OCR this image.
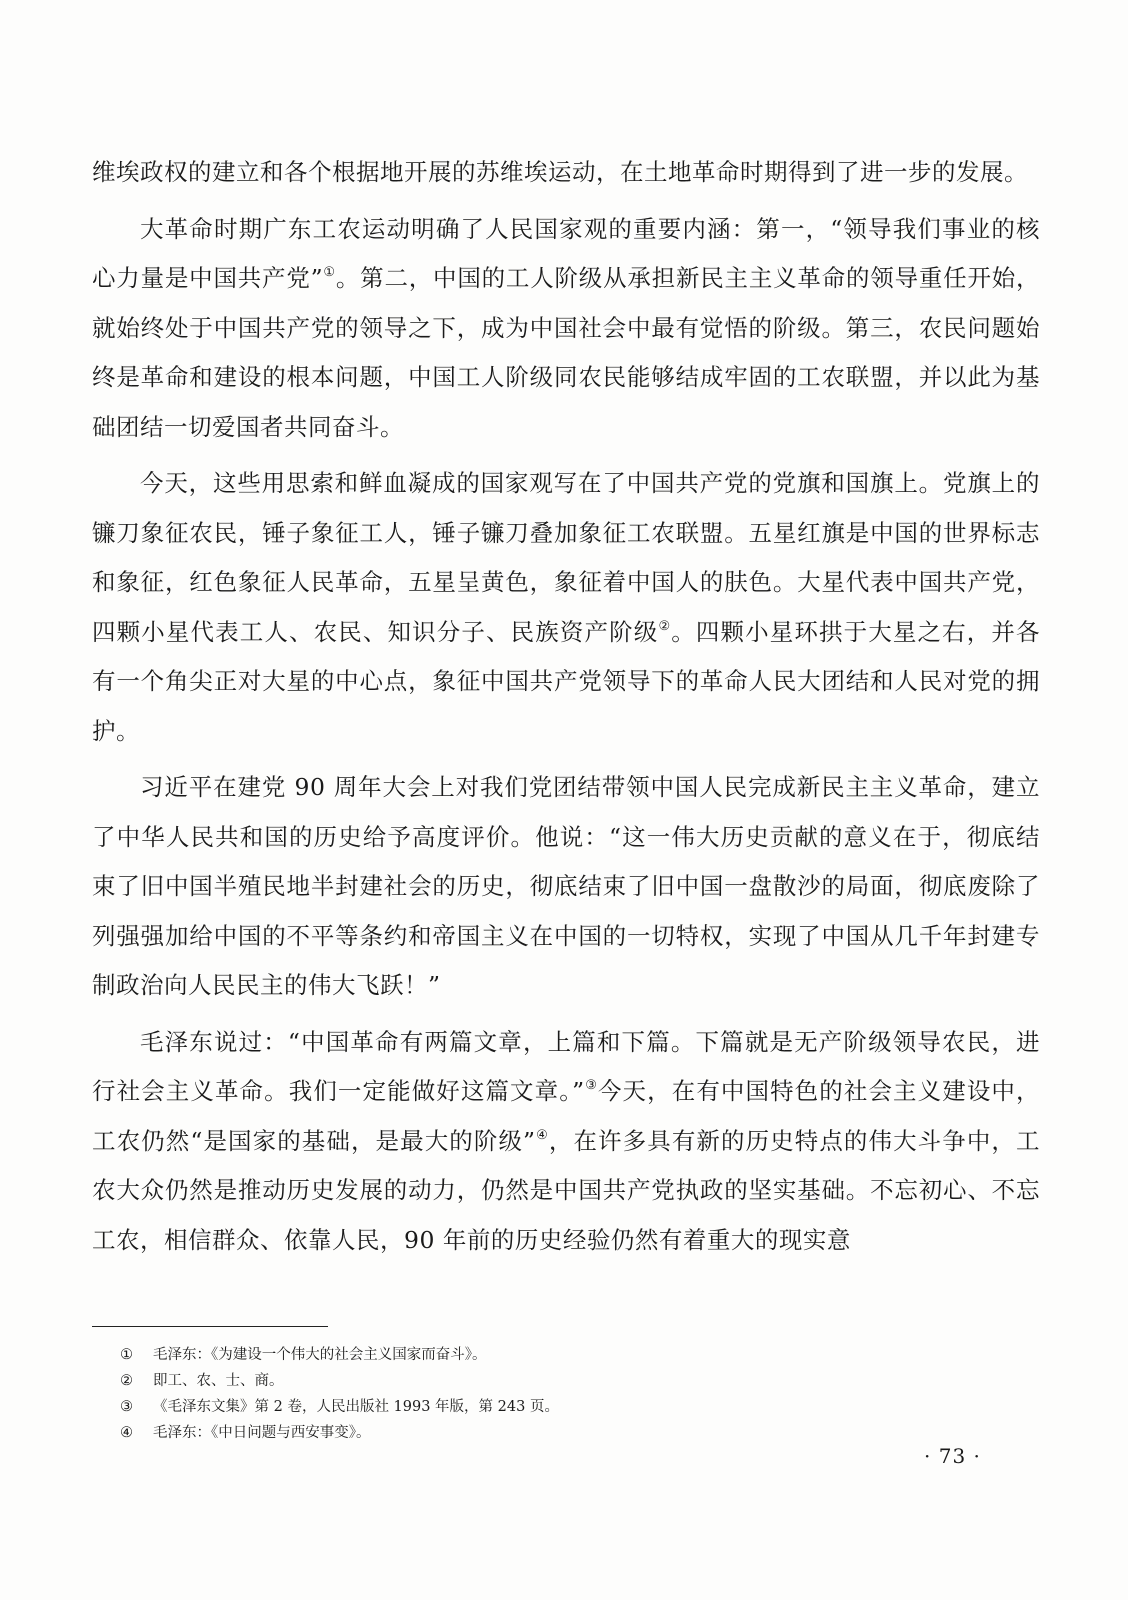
维埃政权的建立和各个根据地开展的苏维埃运动，在土地革命时期得到了进一步的发展。

大革命时期广东工农运动明确了人民国家观的重要内涵：第一，“领导我们事业的核心力量是中国共产党”①。第二，中国的工人阶级从承担新民主主义革命的领导重任开始，就始终处于中国共产党的领导之下，成为中国社会中最有觉悟的阶级。第三，农民问题始终是革命和建设的根本问题，中国工人阶级同农民能够结成牢固的工农联盟，并以此为基础团结一切爱国者共同奋斗。

今天，这些用思索和鲜血凝成的国家观写在了中国共产党的党旗和国旗上。党旗上的镰刀象征农民，锤子象征工人，锤子镰刀叠加象征工农联盟。五星红旗是中国的世界标志和象征，红色象征人民革命，五星呈黄色，象征着中国人的肤色。大星代表中国共产党，四颗小星代表工人、农民、知识分子、民族资产阶级②。四颗小星环拱于大星之右，并各有一个角尖正对大星的中心点，象征中国共产党领导下的革命人民大团结和人民对党的拥护。

习近平在建党 90 周年大会上对我们党团结带领中国人民完成新民主主义革命，建立了中华人民共和国的历史给予高度评价。他说：“这一伟大历史贡献的意义在于，彻底结束了旧中国半殖民地半封建社会的历史，彻底结束了旧中国一盘散沙的局面，彻底废除了列强强加给中国的不平等条约和帝国主义在中国的一切特权，实现了中国从几千年封建专制政治向人民民主的伟大飞跃！”

毛泽东说过：“中国革命有两篇文章，上篇和下篇。下篇就是无产阶级领导农民，进行社会主义革命。我们一定能做好这篇文章。”③今天，在有中国特色的社会主义建设中，工农仍然“是国家的基础，是最大的阶级”④，在许多具有新的历史特点的伟大斗争中，工农大众仍然是推动历史发展的动力，仍然是中国共产党执政的坚实基础。不忘初心、不忘工农，相信群众、依靠人民，90 年前的历史经验仍然有着重大的现实意

①	毛泽东：《为建设一个伟大的社会主义国家而奋斗》。
②	即工、农、士、商。
③	《毛泽东文集》第 2 卷，人民出版社 1993 年版，第 243 页。
④	毛泽东：《中日问题与西安事变》。
· 73 ·
